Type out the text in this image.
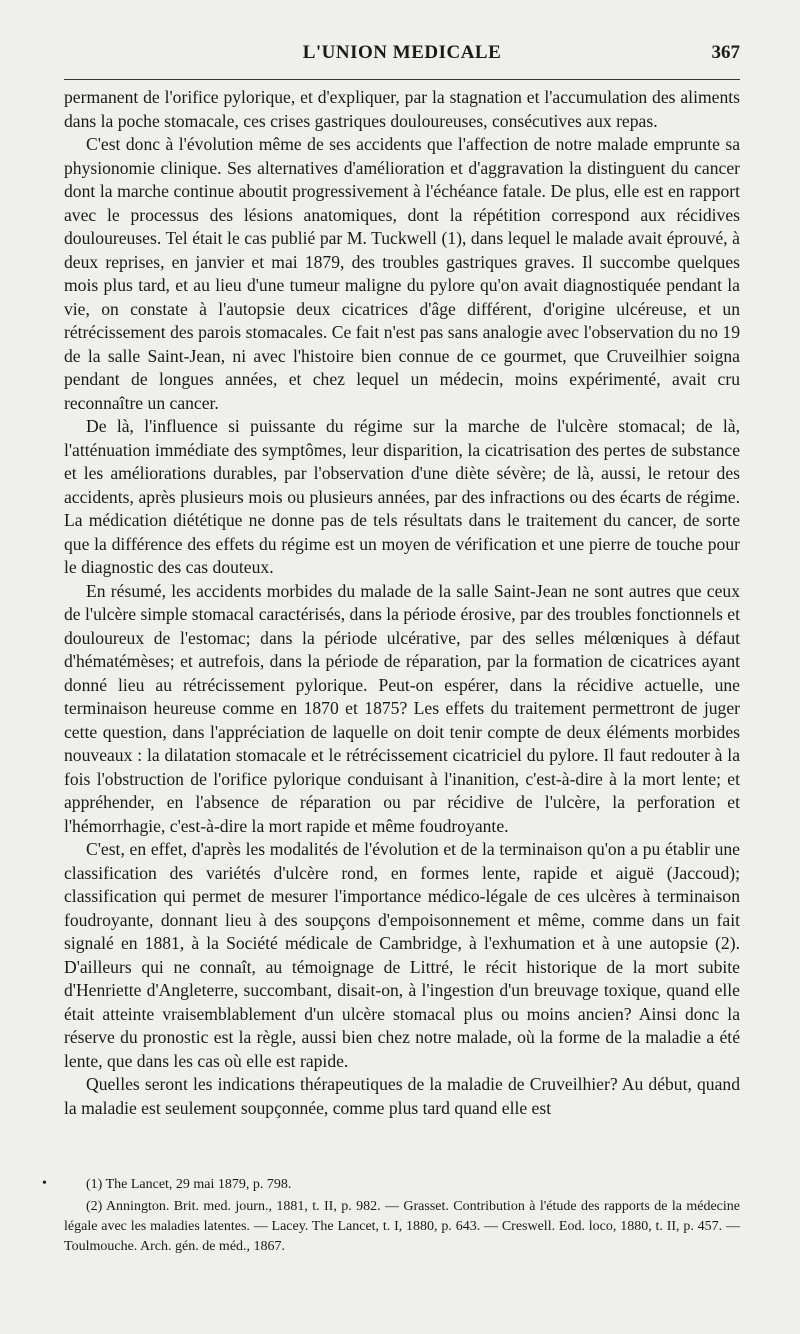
L'UNION MEDICALE	367

permanent de l'orifice pylorique, et d'expliquer, par la stagnation et l'accumulation des aliments dans la poche stomacale, ces crises gastriques douloureuses, consécutives aux repas.

C'est donc à l'évolution même de ses accidents que l'affection de notre malade emprunte sa physionomie clinique. Ses alternatives d'amélioration et d'aggravation la distinguent du cancer dont la marche continue aboutit progressivement à l'échéance fatale. De plus, elle est en rapport avec le processus des lésions anatomiques, dont la répétition correspond aux récidives douloureuses. Tel était le cas publié par M. Tuckwell (1), dans lequel le malade avait éprouvé, à deux reprises, en janvier et mai 1879, des troubles gastriques graves. Il succombe quelques mois plus tard, et au lieu d'une tumeur maligne du pylore qu'on avait diagnostiquée pendant la vie, on constate à l'autopsie deux cicatrices d'âge différent, d'origine ulcéreuse, et un rétrécissement des parois stomacales. Ce fait n'est pas sans analogie avec l'observation du no 19 de la salle Saint-Jean, ni avec l'histoire bien connue de ce gourmet, que Cruveilhier soigna pendant de longues années, et chez lequel un médecin, moins expérimenté, avait cru reconnaître un cancer.

De là, l'influence si puissante du régime sur la marche de l'ulcère stomacal; de là, l'atténuation immédiate des symptômes, leur disparition, la cicatrisation des pertes de substance et les améliorations durables, par l'observation d'une diète sévère; de là, aussi, le retour des accidents, après plusieurs mois ou plusieurs années, par des infractions ou des écarts de régime. La médication diététique ne donne pas de tels résultats dans le traitement du cancer, de sorte que la différence des effets du régime est un moyen de vérification et une pierre de touche pour le diagnostic des cas douteux.

En résumé, les accidents morbides du malade de la salle Saint-Jean ne sont autres que ceux de l'ulcère simple stomacal caractérisés, dans la période érosive, par des troubles fonctionnels et douloureux de l'estomac; dans la période ulcérative, par des selles mélœniques à défaut d'hématémèses; et autrefois, dans la période de réparation, par la formation de cicatrices ayant donné lieu au rétrécissement pylorique. Peut-on espérer, dans la récidive actuelle, une terminaison heureuse comme en 1870 et 1875? Les effets du traitement permettront de juger cette question, dans l'appréciation de laquelle on doit tenir compte de deux éléments morbides nouveaux : la dilatation stomacale et le rétrécissement cicatriciel du pylore. Il faut redouter à la fois l'obstruction de l'orifice pylorique conduisant à l'inanition, c'est-à-dire à la mort lente; et appréhender, en l'absence de réparation ou par récidive de l'ulcère, la perforation et l'hémorrhagie, c'est-à-dire la mort rapide et même foudroyante.

C'est, en effet, d'après les modalités de l'évolution et de la terminaison qu'on a pu établir une classification des variétés d'ulcère rond, en formes lente, rapide et aiguë (Jaccoud); classification qui permet de mesurer l'importance médico-légale de ces ulcères à terminaison foudroyante, donnant lieu à des soupçons d'empoisonnement et même, comme dans un fait signalé en 1881, à la Société médicale de Cambridge, à l'exhumation et à une autopsie (2). D'ailleurs qui ne connaît, au témoignage de Littré, le récit historique de la mort subite d'Henriette d'Angleterre, succombant, disait-on, à l'ingestion d'un breuvage toxique, quand elle était atteinte vraisemblablement d'un ulcère stomacal plus ou moins ancien? Ainsi donc la réserve du pronostic est la règle, aussi bien chez notre malade, où la forme de la maladie a été lente, que dans les cas où elle est rapide.

Quelles seront les indications thérapeutiques de la maladie de Cruveilhier? Au début, quand la maladie est seulement soupçonnée, comme plus tard quand elle est

•	(1) The Lancet, 29 mai 1879, p. 798.

(2) Annington. Brit. med. journ., 1881, t. II, p. 982. — Grasset. Contribution à l'étude des rapports de la médecine légale avec les maladies latentes. — Lacey. The Lancet, t. I, 1880, p. 643. — Creswell. Eod. loco, 1880, t. II, p. 457. — Toulmouche. Arch. gén. de méd., 1867.
